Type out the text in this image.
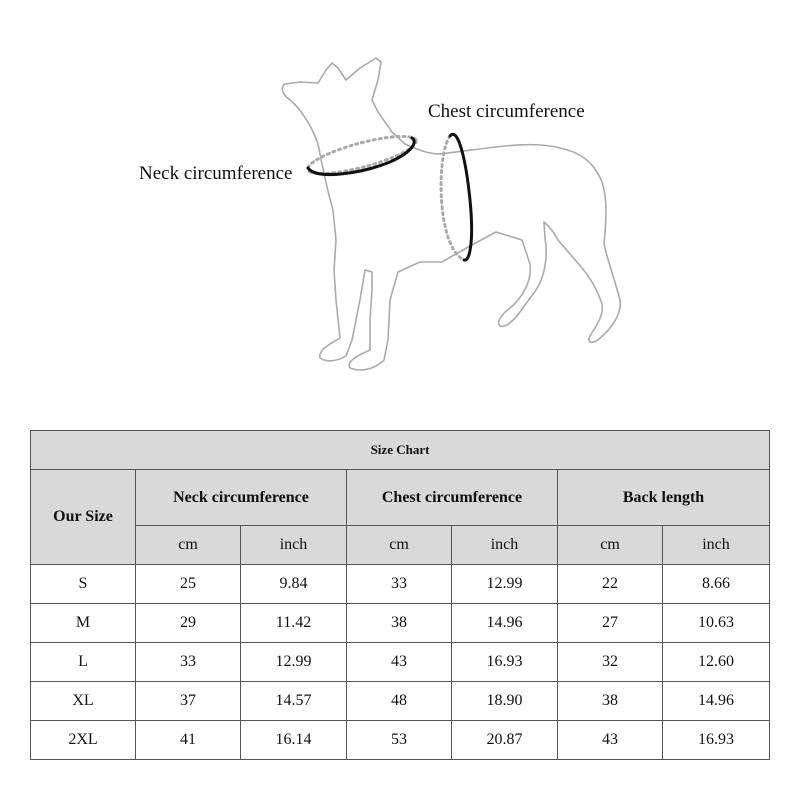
Neck circumference
Chest circumference
Size Chart						
Our Size	Neck circumference		Chest circumference		Back length	
	cm	inch	cm	inch	cm	inch
S	25	9.84	33	12.99	22	8.66
M	29	11.42	38	14.96	27	10.63
L	33	12.99	43	16.93	32	12.60
XL	37	14.57	48	18.90	38	14.96
2XL	41	16.14	53	20.87	43	16.93
